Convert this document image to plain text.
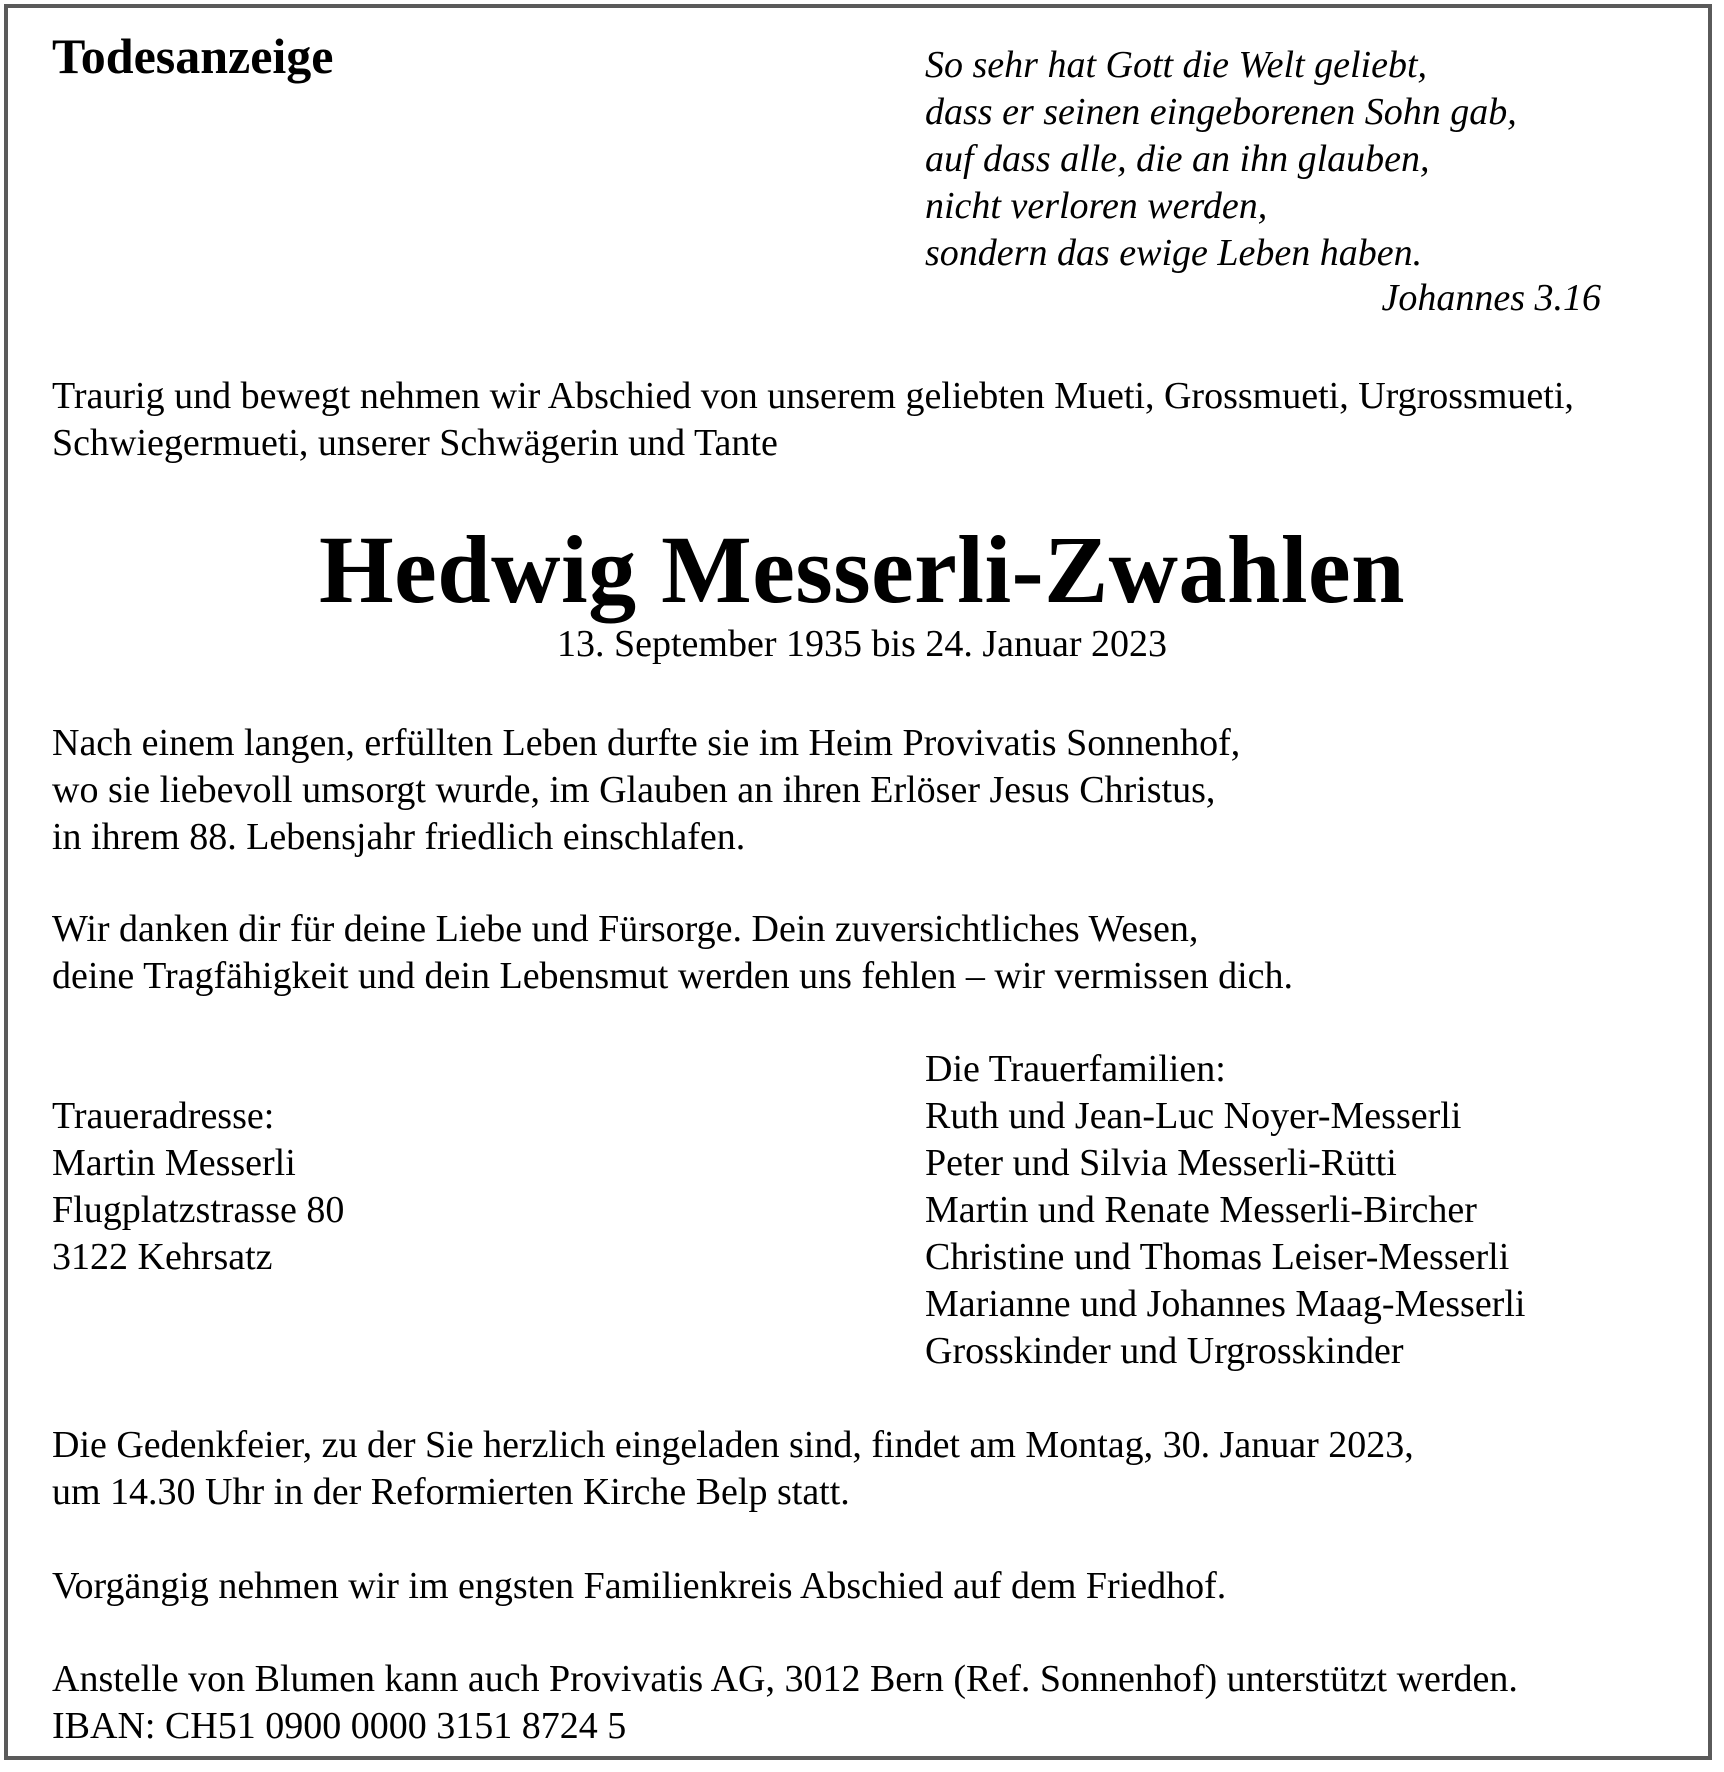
Todesanzeige	So sehr hat Gott die Welt geliebt,
dass er seinen eingeborenen Sohn gab,
auf dass alle, die an ihn glauben,
nicht verloren werden,
sondern das ewige Leben haben.
Johannes 3.16
Traurig und bewegt nehmen wir Abschied von unserem geliebten Mueti, Grossmueti, Urgrossmueti,
Schwiegermueti, unserer Schwägerin und Tante
Hedwig Messerli-Zwahlen
13. September 1935 bis 24. Januar 2023
Nach einem langen, erfüllten Leben durfte sie im Heim Provivatis Sonnenhof,
wo sie liebevoll umsorgt wurde, im Glauben an ihren Erlöser Jesus Christus,
in ihrem 88. Lebensjahr friedlich einschlafen.
Wir danken dir für deine Liebe und Fürsorge. Dein zuversichtliches Wesen,
deine Tragfähigkeit und dein Lebensmut werden uns fehlen – wir vermissen dich.
Die Trauerfamilien:
Ruth und Jean-Luc Noyer-Messerli
Peter und Silvia Messerli-Rütti
Martin und Renate Messerli-Bircher
Christine und Thomas Leiser-Messerli
Marianne und Johannes Maag-Messerli
Grosskinder und Urgrosskinder
Traueradresse:
Martin Messerli
Flugplatzstrasse 80
3122 Kehrsatz
Die Gedenkfeier, zu der Sie herzlich eingeladen sind, findet am Montag, 30. Januar 2023,
um 14.30 Uhr in der Reformierten Kirche Belp statt.
Vorgängig nehmen wir im engsten Familienkreis Abschied auf dem Friedhof.
Anstelle von Blumen kann auch Provivatis AG, 3012 Bern (Ref. Sonnenhof) unterstützt werden.
IBAN: CH51 0900 0000 3151 8724 5
